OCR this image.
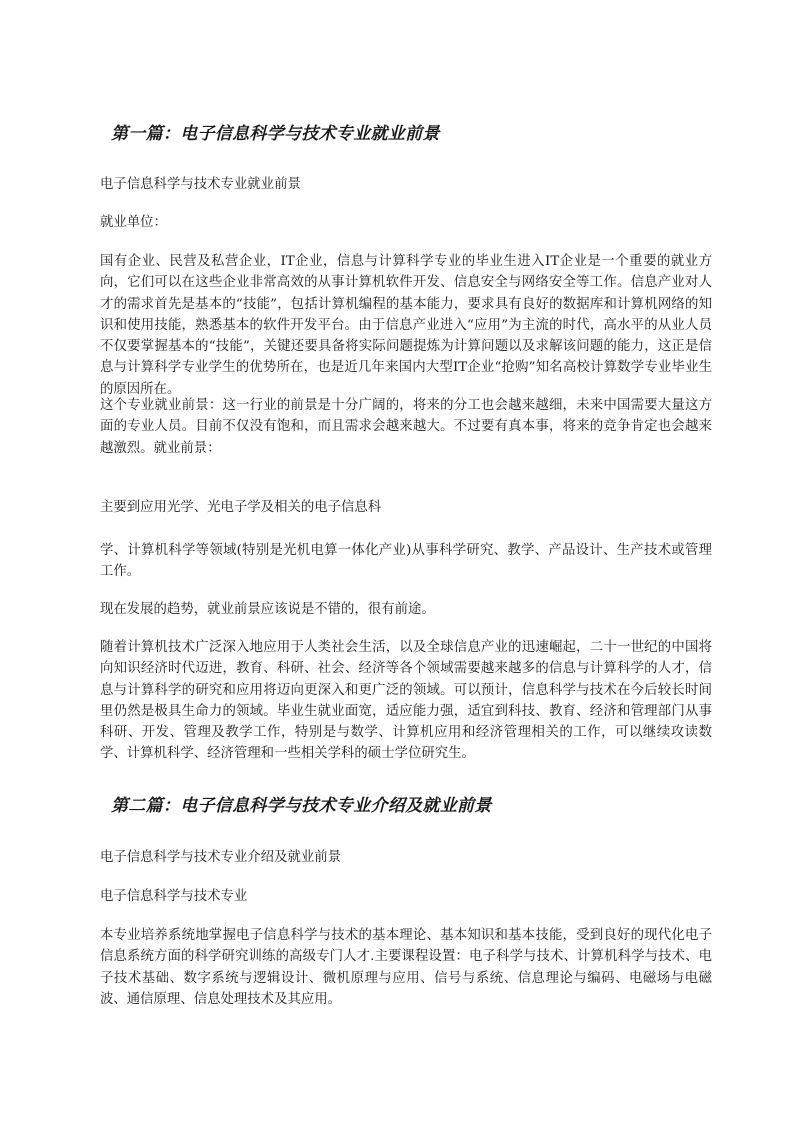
第一篇：电子信息科学与技术专业就业前景

电子信息科学与技术专业就业前景

就业单位：

国有企业、民营及私营企业，IT企业，信息与计算科学专业的毕业生进入IT企业是一个重要的就业方向，它们可以在这些企业非常高效的从事计算机软件开发、信息安全与网络安全等工作。信息产业对人才的需求首先是基本的“技能”，包括计算机编程的基本能力，要求具有良好的数据库和计算机网络的知识和使用技能，熟悉基本的软件开发平台。由于信息产业进入“应用”为主流的时代，高水平的从业人员不仅要掌握基本的“技能”，关键还要具备将实际问题提炼为计算问题以及求解该问题的能力，这正是信息与计算科学专业学生的优势所在，也是近几年来国内大型IT企业“抢购”知名高校计算数学专业毕业生的原因所在。

这个专业就业前景：这一行业的前景是十分广阔的，将来的分工也会越来越细，未来中国需要大量这方面的专业人员。目前不仅没有饱和，而且需求会越来越大。不过要有真本事，将来的竞争肯定也会越来越激烈。就业前景：

主要到应用光学、光电子学及相关的电子信息科

学、计算机科学等领域(特别是光机电算一体化产业)从事科学研究、教学、产品设计、生产技术或管理工作。

现在发展的趋势，就业前景应该说是不错的，很有前途。

随着计算机技术广泛深入地应用于人类社会生活，以及全球信息产业的迅速崛起，二十一世纪的中国将向知识经济时代迈进，教育、科研、社会、经济等各个领域需要越来越多的信息与计算科学的人才，信息与计算科学的研究和应用将迈向更深入和更广泛的领域。可以预计，信息科学与技术在今后较长时间里仍然是极具生命力的领域。毕业生就业面宽，适应能力强，适宜到科技、教育、经济和管理部门从事科研、开发、管理及教学工作，特别是与数学、计算机应用和经济管理相关的工作，可以继续攻读数学、计算机科学、经济管理和一些相关学科的硕士学位研究生。

第二篇：电子信息科学与技术专业介绍及就业前景

电子信息科学与技术专业介绍及就业前景

电子信息科学与技术专业

本专业培养系统地掌握电子信息科学与技术的基本理论、基本知识和基本技能，受到良好的现代化电子信息系统方面的科学研究训练的高级专门人才.主要课程设置：电子科学与技术、计算机科学与技术、电子技术基础、数字系统与逻辑设计、微机原理与应用、信号与系统、信息理论与编码、电磁场与电磁波、通信原理、信息处理技术及其应用。
